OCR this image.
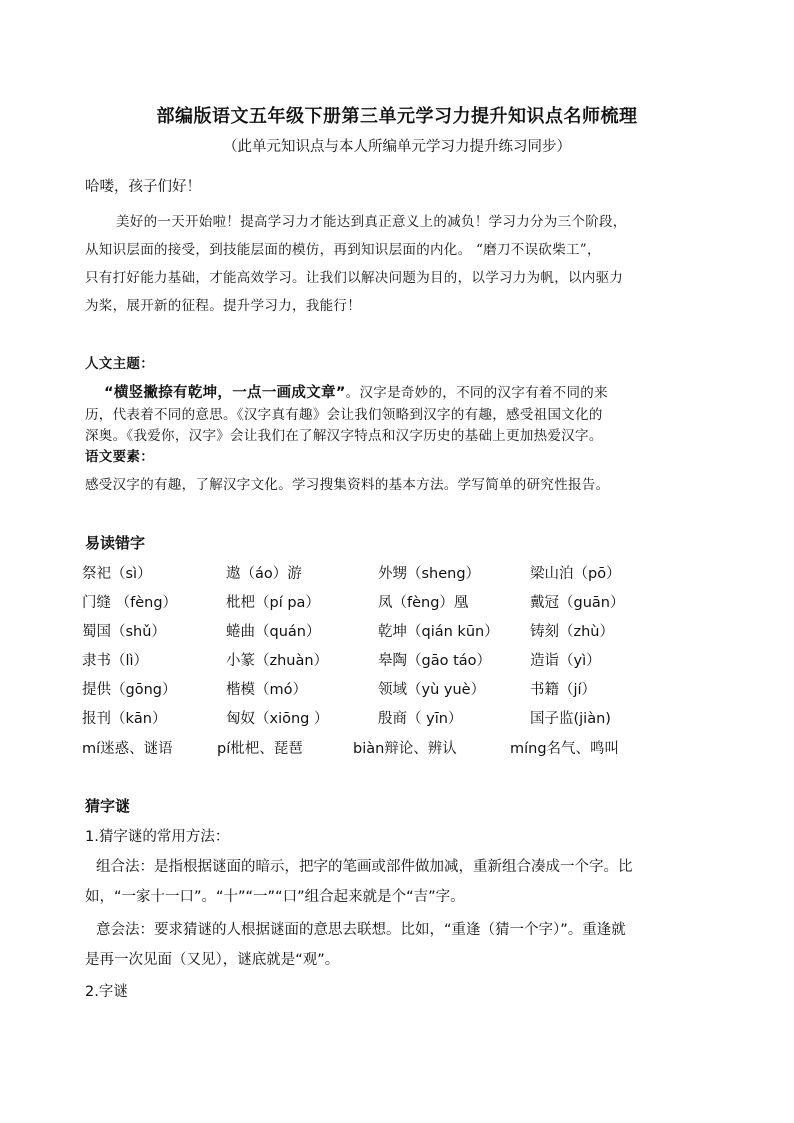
部编版语文五年级下册第三单元学习力提升知识点名师梳理
（此单元知识点与本人所编单元学习力提升练习同步）
哈喽，孩子们好！
美好的一天开始啦！提高学习力才能达到真正意义上的减负！学习力分为三个阶段，
从知识层面的接受，到技能层面的模仿，再到知识层面的内化。 “磨刀不误砍柴工”，
只有打好能力基础，才能高效学习。让我们以解决问题为目的，以学习力为帆，以内驱力
为桨，展开新的征程。提升学习力，我能行！
人文主题：
“横竖撇捺有乾坤，一点一画成文章”。汉字是奇妙的，不同的汉字有着不同的来
历，代表着不同的意思。《汉字真有趣》会让我们领略到汉字的有趣，感受祖国文化的
深奥。《我爱你，汉字》会让我们在了解汉字特点和汉字历史的基础上更加热爱汉字。
语文要素：
感受汉字的有趣，了解汉字文化。学习搜集资料的基本方法。学写简单的研究性报告。
易读错字
祭祀（sì）	遨（áo）游	外甥（sheng）	梁山泊（pō）
门缝 （fèng）	枇杷（pí pa）	凤（fèng）凰	戴冠（guān）
蜀国（shǔ）	蜷曲（quán）	乾坤（qián kūn） 铸刻（zhù）
隶书（lì）	小篆（zhuàn）	皋陶（gāo táo）	造诣（yì）
提供（gōng）	楷模（mó）	领域（yù yuè）	书籍（jí）
报刊（kān）	匈奴（xiōng ）	殷商（ yīn）	国子监(jiàn)
mí迷惑、谜语	pí枇杷、琵琶	biàn辩论、辨认	míng名气、鸣叫
猜字谜
1.猜字谜的常用方法：
组合法：是指根据谜面的暗示，把字的笔画或部件做加减，重新组合凑成一个字。比
如，“一家十一口”。“十”“一”“口”组合起来就是个“吉”字。
意会法：要求猜谜的人根据谜面的意思去联想。比如，“重逢（猜一个字）”。重逢就
是再一次见面（又见），谜底就是“观”。
2.字谜
